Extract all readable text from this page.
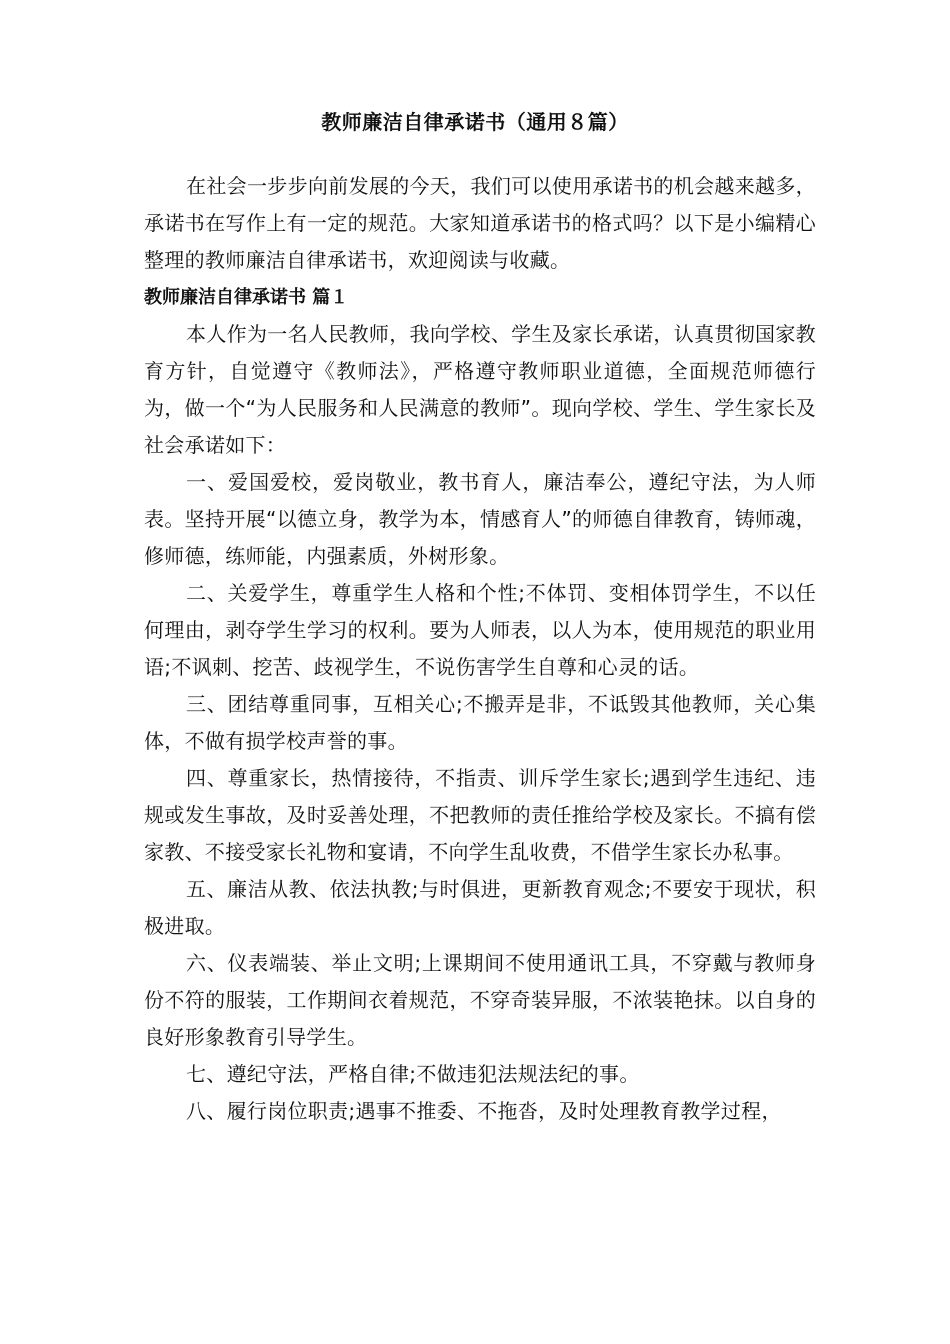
教师廉洁自律承诺书（通用８篇）

在社会一步步向前发展的今天，我们可以使用承诺书的机会越来越多，承诺书在写作上有一定的规范。大家知道承诺书的格式吗？以下是小编精心整理的教师廉洁自律承诺书，欢迎阅读与收藏。

教师廉洁自律承诺书 篇１

本人作为一名人民教师，我向学校、学生及家长承诺，认真贯彻国家教育方针，自觉遵守《教师法》，严格遵守教师职业道德，全面规范师德行为，做一个“为人民服务和人民满意的教师”。现向学校、学生、学生家长及社会承诺如下：

一、爱国爱校，爱岗敬业，教书育人，廉洁奉公，遵纪守法，为人师表。坚持开展“以德立身，教学为本，情感育人”的师德自律教育，铸师魂，修师德，练师能，内强素质，外树形象。

二、关爱学生，尊重学生人格和个性;不体罚、变相体罚学生，不以任何理由，剥夺学生学习的权利。要为人师表，以人为本，使用规范的职业用语;不讽刺、挖苦、歧视学生，不说伤害学生自尊和心灵的话。

三、团结尊重同事，互相关心;不搬弄是非，不诋毁其他教师，关心集体，不做有损学校声誉的事。

四、尊重家长，热情接待，不指责、训斥学生家长;遇到学生违纪、违规或发生事故，及时妥善处理，不把教师的责任推给学校及家长。不搞有偿家教、不接受家长礼物和宴请，不向学生乱收费，不借学生家长办私事。

五、廉洁从教、依法执教;与时俱进，更新教育观念;不要安于现状，积极进取。

六、仪表端装、举止文明;上课期间不使用通讯工具，不穿戴与教师身份不符的服装，工作期间衣着规范，不穿奇装异服，不浓装艳抹。以自身的良好形象教育引导学生。

七、遵纪守法，严格自律;不做违犯法规法纪的事。

八、履行岗位职责;遇事不推委、不拖沓，及时处理教育教学过程，
